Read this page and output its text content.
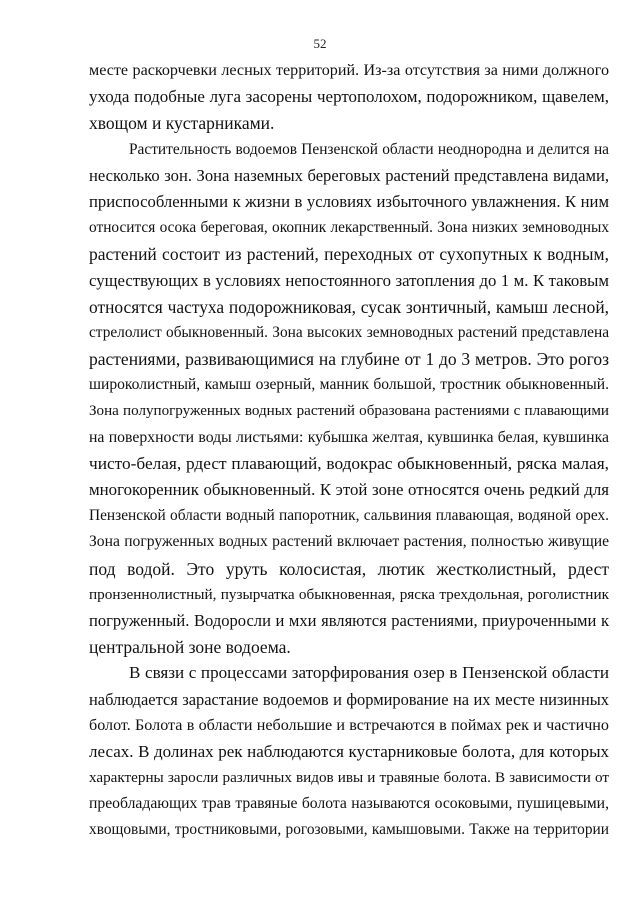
52
месте раскорчевки лесных территорий. Из-за отсутствия за ними должного
ухода подобные луга засорены чертополохом, подорожником, щавелем,
хвощом и кустарниками.
Растительность водоемов Пензенской области неоднородна и делится на
несколько зон. Зона наземных береговых растений представлена видами,
приспособленными к жизни в условиях избыточного увлажнения. К ним
относится осока береговая, окопник лекарственный. Зона низких земноводных
растений состоит из растений, переходных от сухопутных к водным,
существующих в условиях непостоянного затопления до 1 м. К таковым
относятся частуха подорожниковая, сусак зонтичный, камыш лесной,
стрелолист обыкновенный. Зона высоких земноводных растений представлена
растениями, развивающимися на глубине от 1 до 3 метров. Это рогоз
широколистный, камыш озерный, манник большой, тростник обыкновенный.
Зона полупогруженных водных растений образована растениями с плавающими
на поверхности воды листьями: кубышка желтая, кувшинка белая, кувшинка
чисто-белая, рдест плавающий, водокрас обыкновенный, ряска малая,
многокоренник обыкновенный. К этой зоне относятся очень редкий для
Пензенской области водный папоротник, сальвиния плавающая, водяной орех.
Зона погруженных водных растений включает растения, полностью живущие
под водой. Это уруть колосистая, лютик жестколистный, рдест
пронзеннолистный, пузырчатка обыкновенная, ряска трехдольная, роголистник
погруженный. Водоросли и мхи являются растениями, приуроченными к
центральной зоне водоема.
В связи с процессами заторфирования озер в Пензенской области
наблюдается зарастание водоемов и формирование на их месте низинных
болот. Болота в области небольшие и встречаются в поймах рек и частично
лесах. В долинах рек наблюдаются кустарниковые болота, для которых
характерны заросли различных видов ивы и травяные болота. В зависимости от
преобладающих трав травяные болота называются осоковыми, пушицевыми,
хвощовыми, тростниковыми, рогозовыми, камышовыми. Также на территории
